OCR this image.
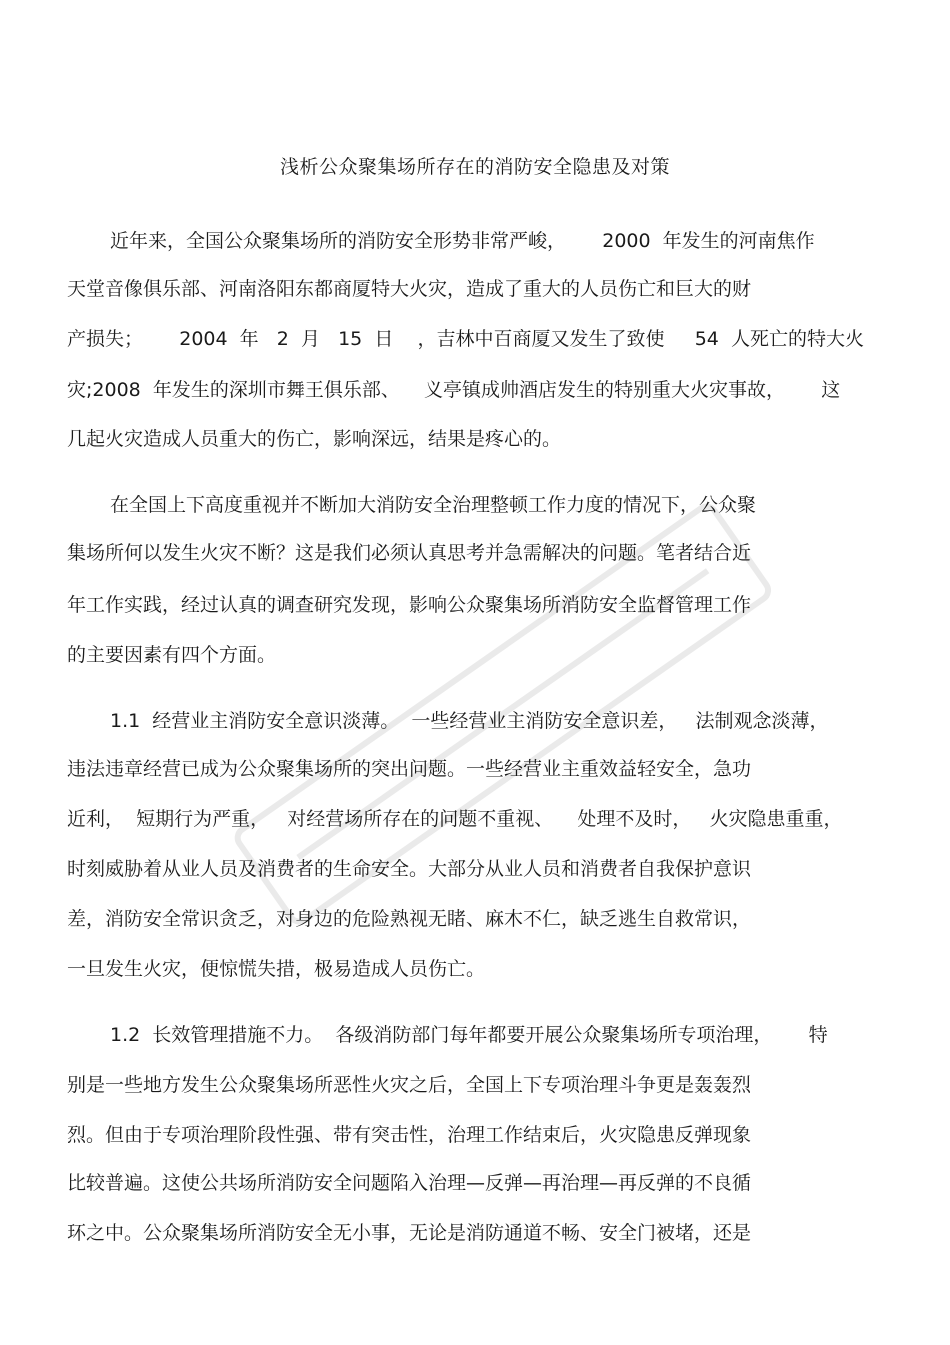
浅析公众聚集场所存在的消防安全隐患及对策
近年来，全国公众聚集场所的消防安全形势非常严峻，      2000  年发生的河南焦作
天堂音像俱乐部、河南洛阳东都商厦特大火灾，造成了重大的人员伤亡和巨大的财
产损失；      2004  年   2  月   15  日    ，吉林中百商厦又发生了致使     54  人死亡的特大火
灾;2008  年发生的深圳市舞王俱乐部、    义亭镇成帅酒店发生的特别重大火灾事故，      这
几起火灾造成人员重大的伤亡，影响深远，结果是疼心的。
在全国上下高度重视并不断加大消防安全治理整顿工作力度的情况下，公众聚
集场所何以发生火灾不断？这是我们必须认真思考并急需解决的问题。笔者结合近
年工作实践，经过认真的调查研究发现，影响公众聚集场所消防安全监督管理工作
的主要因素有四个方面。
1.1  经营业主消防安全意识淡薄。  一些经营业主消防安全意识差，   法制观念淡薄，
违法违章经营已成为公众聚集场所的突出问题。一些经营业主重效益轻安全，急功
近利，  短期行为严重，   对经营场所存在的问题不重视、    处理不及时，   火灾隐患重重，
时刻威胁着从业人员及消费者的生命安全。大部分从业人员和消费者自我保护意识
差，消防安全常识贪乏，对身边的危险熟视无睹、麻木不仁，缺乏逃生自救常识，
一旦发生火灾，便惊慌失措，极易造成人员伤亡。
1.2  长效管理措施不力。  各级消防部门每年都要开展公众聚集场所专项治理，      特
别是一些地方发生公众聚集场所恶性火灾之后，全国上下专项治理斗争更是轰轰烈
烈。但由于专项治理阶段性强、带有突击性，治理工作结束后，火灾隐患反弹现象
比较普遍。这使公共场所消防安全问题陷入治理—反弹—再治理—再反弹的不良循
环之中。公众聚集场所消防安全无小事，无论是消防通道不畅、安全门被堵，还是
